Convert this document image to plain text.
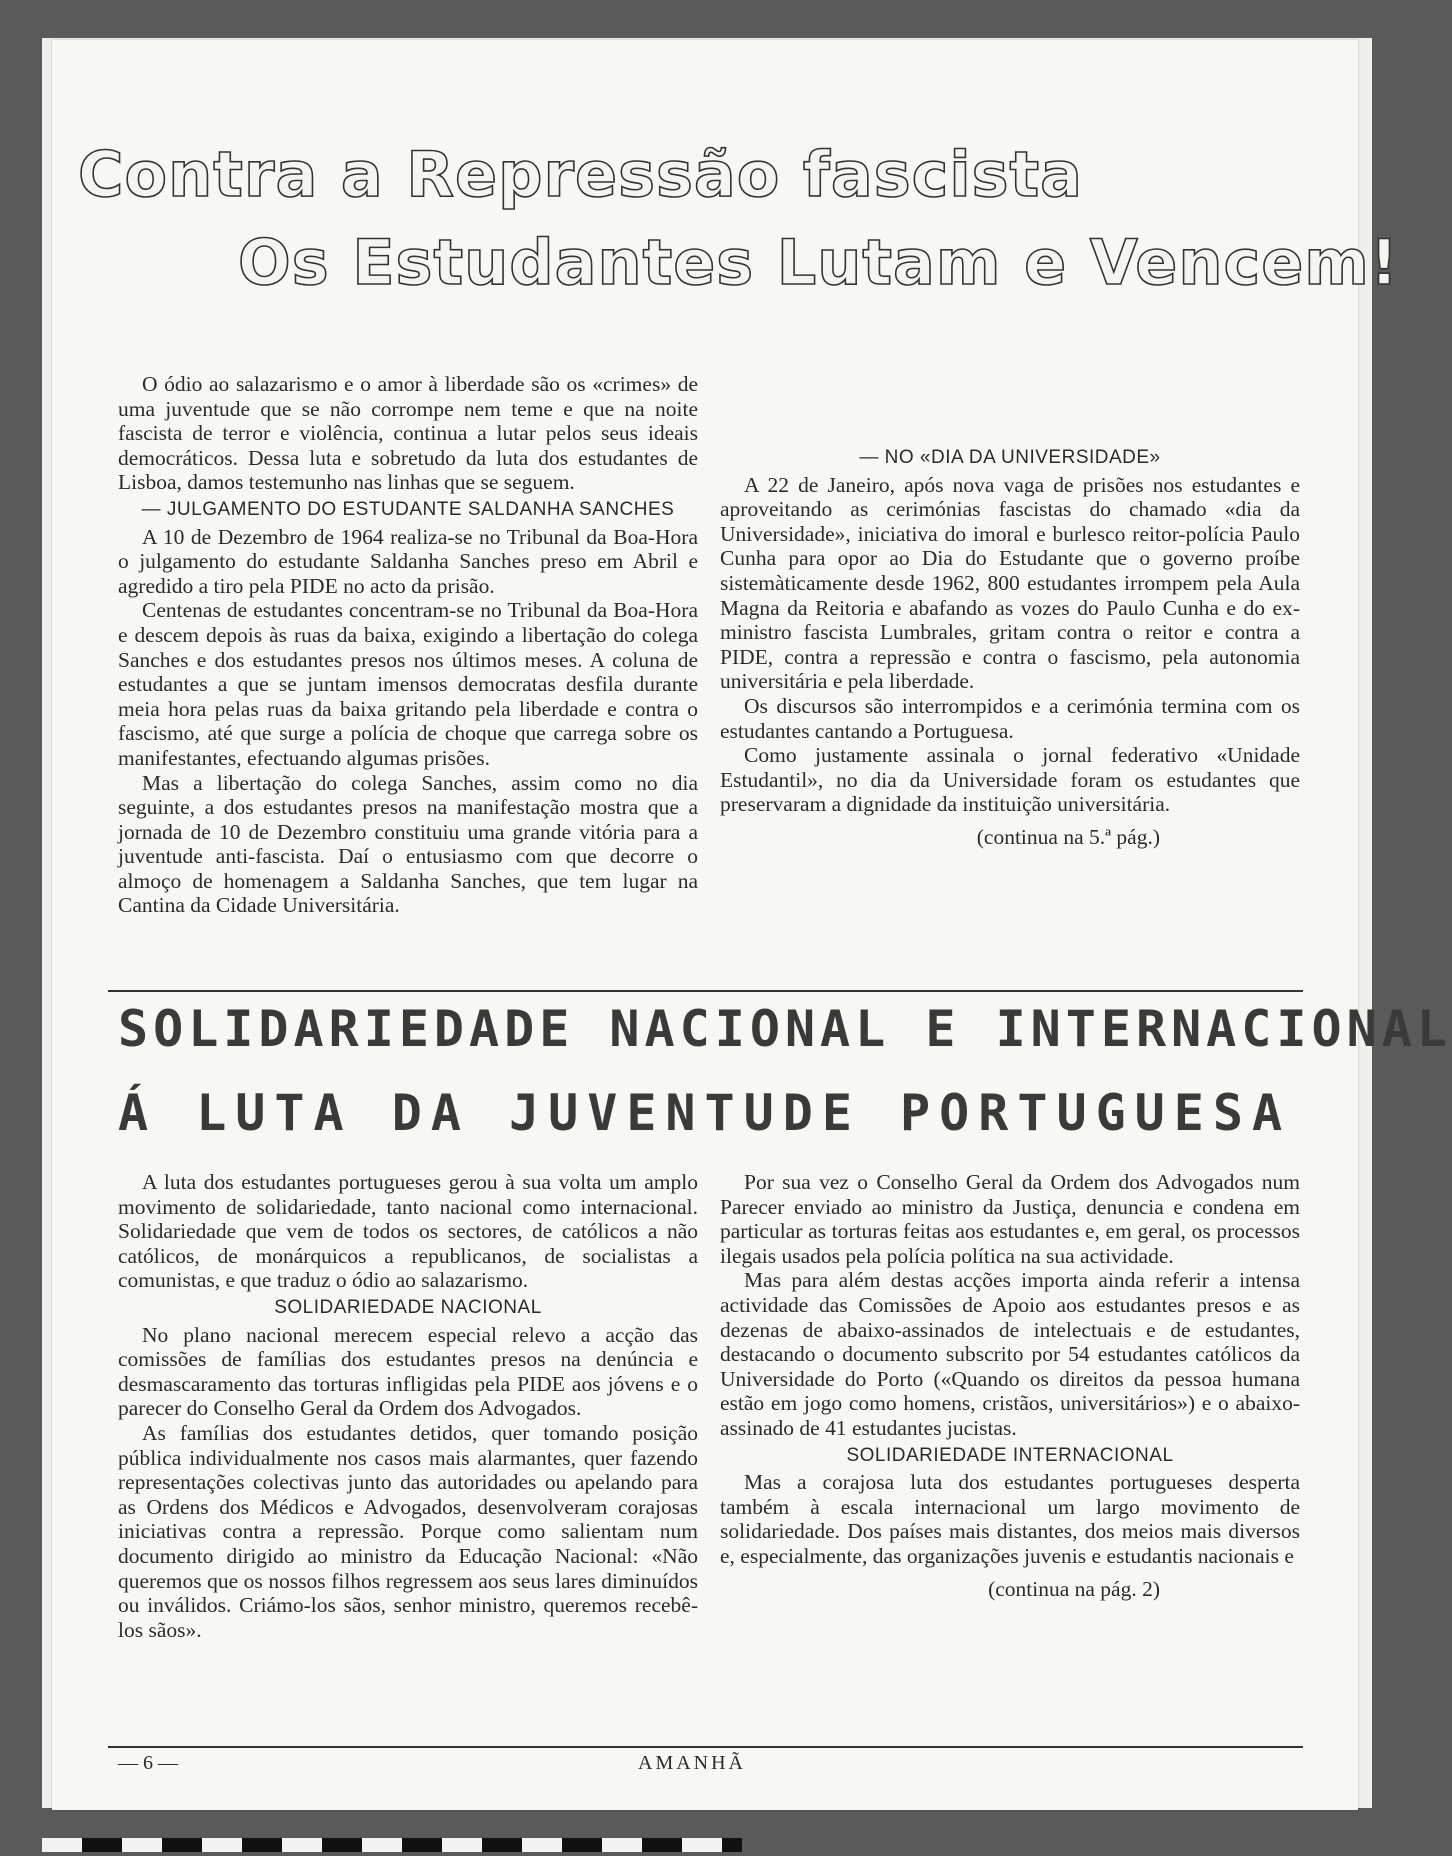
Contra a Repressão fascista
Os Estudantes Lutam e Vencem!

O ódio ao salazarismo e o amor à liberdade são os «crimes» de uma juventude que se não corrompe nem teme e que na noite fascista de terror e violência, continua a lutar pelos seus ideais democráticos. Dessa luta e sobretudo da luta dos estudantes de Lisboa, damos testemunho nas linhas que se seguem.

— JULGAMENTO DO ESTUDANTE SALDANHA SANCHES

A 10 de Dezembro de 1964 realiza-se no Tribunal da Boa-Hora o julgamento do estudante Saldanha Sanches preso em Abril e agredido a tiro pela PIDE no acto da prisão.

Centenas de estudantes concentram-se no Tribunal da Boa-Hora e descem depois às ruas da baixa, exigindo a libertação do colega Sanches e dos estudantes presos nos últimos meses. A coluna de estudantes a que se juntam imensos democratas desfila durante meia hora pelas ruas da baixa gritando pela liberdade e contra o fascismo, até que surge a polícia de choque que carrega sobre os manifestantes, efectuando algumas prisões.

Mas a libertação do colega Sanches, assim como no dia seguinte, a dos estudantes presos na manifestação mostra que a jornada de 10 de Dezembro constituiu uma grande vitória para a juventude anti-fascista. Daí o entusiasmo com que decorre o almoço de homenagem a Saldanha Sanches, que tem lugar na Cantina da Cidade Universitária.

— NO «DIA DA UNIVERSIDADE»

A 22 de Janeiro, após nova vaga de prisões nos estudantes e aproveitando as cerimónias fascistas do chamado «dia da Universidade», iniciativa do imoral e burlesco reitor-polícia Paulo Cunha para opor ao Dia do Estudante que o governo proíbe sistemàticamente desde 1962, 800 estudantes irrompem pela Aula Magna da Reitoria e abafando as vozes do Paulo Cunha e do ex-ministro fascista Lumbrales, gritam contra o reitor e contra a PIDE, contra a repressão e contra o fascismo, pela autonomia universitária e pela liberdade.

Os discursos são interrompidos e a cerimónia termina com os estudantes cantando a Portuguesa.

Como justamente assinala o jornal federativo «Unidade Estudantil», no dia da Universidade foram os estudantes que preservaram a dignidade da instituição universitária.

(continua na 5.ª pág.)

SOLIDARIEDADE NACIONAL E INTERNACIONAL
Á LUTA DA JUVENTUDE PORTUGUESA

A luta dos estudantes portugueses gerou à sua volta um amplo movimento de solidariedade, tanto nacional como internacional. Solidariedade que vem de todos os sectores, de católicos a não católicos, de monárquicos a republicanos, de socialistas a comunistas, e que traduz o ódio ao salazarismo.

SOLIDARIEDADE NACIONAL

No plano nacional merecem especial relevo a acção das comissões de famílias dos estudantes presos na denúncia e desmascaramento das torturas infligidas pela PIDE aos jóvens e o parecer do Conselho Geral da Ordem dos Advogados.

As famílias dos estudantes detidos, quer tomando posição pública individualmente nos casos mais alarmantes, quer fazendo representações colectivas junto das autoridades ou apelando para as Ordens dos Médicos e Advogados, desenvolveram corajosas iniciativas contra a repressão. Porque como salientam num documento dirigido ao ministro da Educação Nacional: «Não queremos que os nossos filhos regressem aos seus lares diminuídos ou inválidos. Criámo-los sãos, senhor ministro, queremos recebê-los sãos».

Por sua vez o Conselho Geral da Ordem dos Advogados num Parecer enviado ao ministro da Justiça, denuncia e condena em particular as torturas feitas aos estudantes e, em geral, os processos ilegais usados pela polícia política na sua actividade.

Mas para além destas acções importa ainda referir a intensa actividade das Comissões de Apoio aos estudantes presos e as dezenas de abaixo-assinados de intelectuais e de estudantes, destacando o documento subscrito por 54 estudantes católicos da Universidade do Porto («Quando os direitos da pessoa humana estão em jogo como homens, cristãos, universitários») e o abaixo-assinado de 41 estudantes jucistas.

SOLIDARIEDADE INTERNACIONAL

Mas a corajosa luta dos estudantes portugueses desperta também à escala internacional um largo movimento de solidariedade. Dos países mais distantes, dos meios mais diversos e, especialmente, das organizações juvenis e estudantis nacionais e

(continua na pág. 2)

— 6 —	AMANHÃ
